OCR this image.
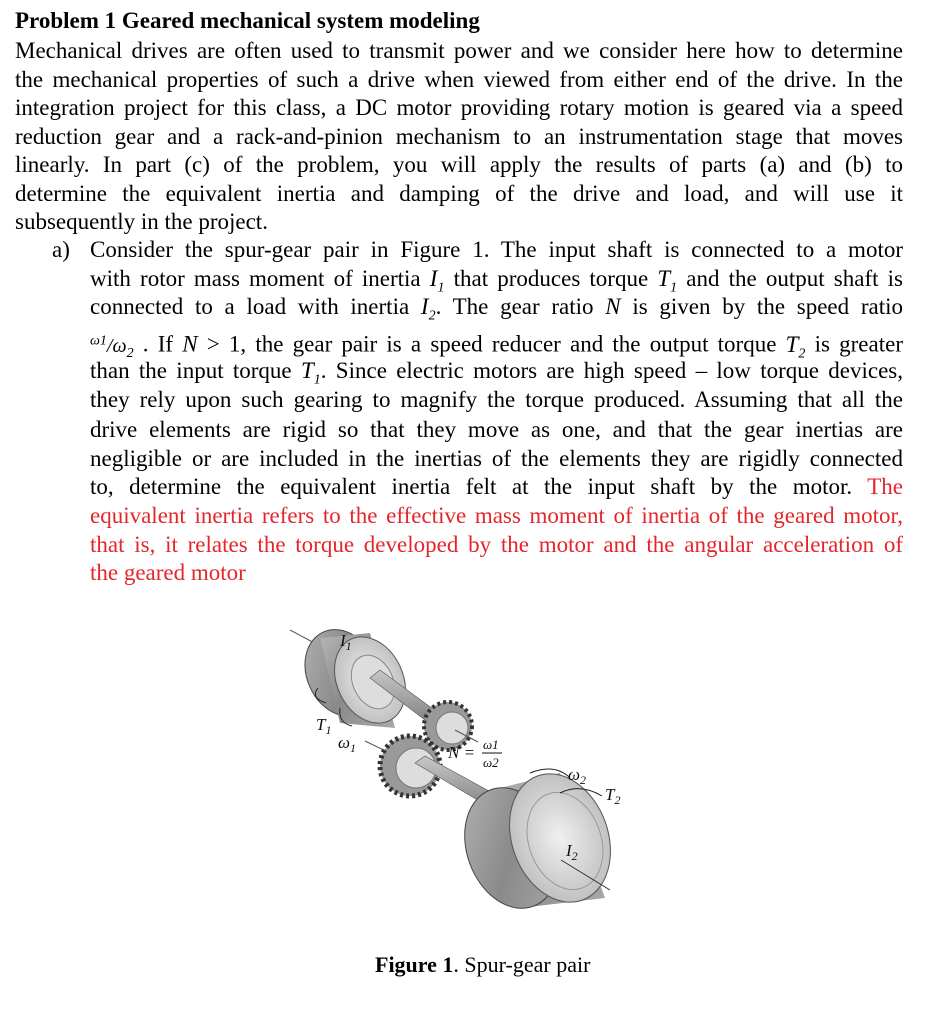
Problem 1 Geared mechanical system modeling
Mechanical drives are often used to transmit power and we consider here how to determine
the mechanical properties of such a drive when viewed from either end of the drive. In the
integration project for this class, a DC motor providing rotary motion is geared via a speed
reduction gear and a rack-and-pinion mechanism to an instrumentation stage that moves
linearly. In part (c) of the problem, you will apply the results of parts (a) and (b) to
determine the equivalent inertia and damping of the drive and load, and will use it
subsequently in the project.
a) Consider the spur-gear pair in Figure 1. The input shaft is connected to a motor
with rotor mass moment of inertia $I_1$ that produces torque $T_1$ and the output shaft is
connected to a load with inertia $I_2$. The gear ratio N is given by the speed ratio
$^{\omega 1}/\omega_2$ . If N > 1, the gear pair is a speed reducer and the output torque $T_2$ is greater
than the input torque $T_1$. Since electric motors are high speed – low torque devices,
they rely upon such gearing to magnify the torque produced. Assuming that all the
drive elements are rigid so that they move as one, and that the gear inertias are
negligible or are included in the inertias of the elements they are rigidly connected
to, determine the equivalent inertia felt at the input shaft by the motor. The
equivalent inertia refers to the effective mass moment of inertia of the geared motor,
that is, it relates the torque developed by the motor and the angular acceleration of
the geared motor
$I_1$
$T_1$
$\omega_1$	N = ω1
ω2
$\omega_2$
$T_2$
$I_2$
Figure 1. Spur-gear pair
